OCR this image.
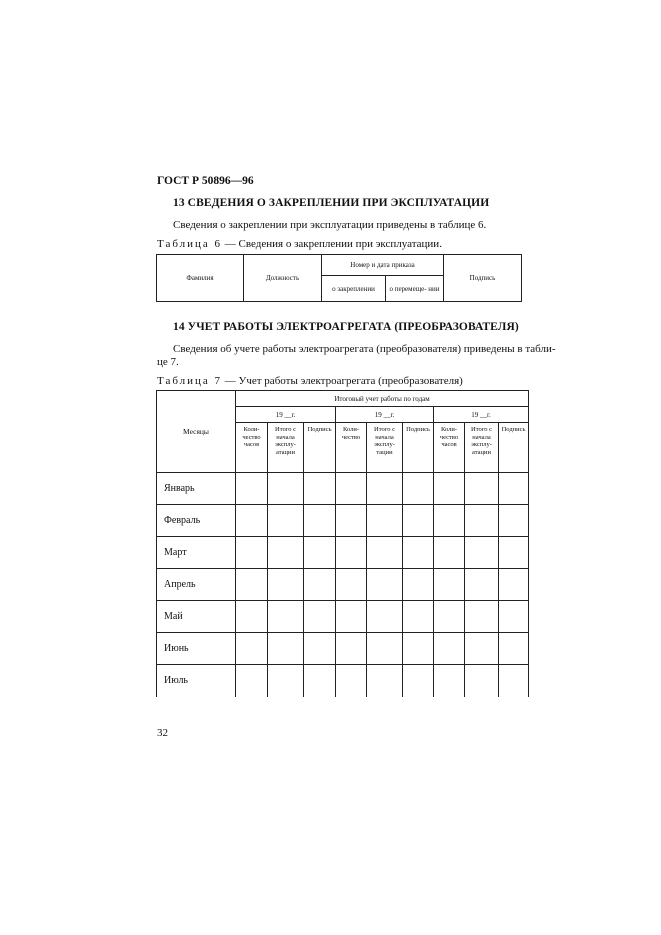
ГОСТ Р 50896—96
13 СВЕДЕНИЯ О ЗАКРЕПЛЕНИИ ПРИ ЭКСПЛУАТАЦИИ
Сведения о закреплении при эксплуатации приведены в таблице 6.
Таблица 6 — Сведения о закреплении при эксплуатации.
Фамилия	Должность	Номер и дата приказа		Подпись
		о закреплении	о перемеще- нии	
14 УЧЕТ РАБОТЫ ЭЛЕКТРОАГРЕГАТА (ПРЕОБРАЗОВАТЕЛЯ)
Сведения об учете работы электроагрегата (преобразователя) приведены в табли-
це 7.
Таблица 7 — Учет работы электроагрегата (преобразователя)
Месяцы	Итоговый учет работы по годам								
	19 __г.			19 __г.			19 __г.		
	Коли- чество часов	Итого с начала эксплу- атации	Подпись	Коли- чество	Итого с начала эксплу- тации	Подпись	Коли- чество часов	Итого с начала эксплу- атации	Подпись
Январь									
Февраль									
Март									
Апрель									
Май									
Июнь									
Июль									
32
